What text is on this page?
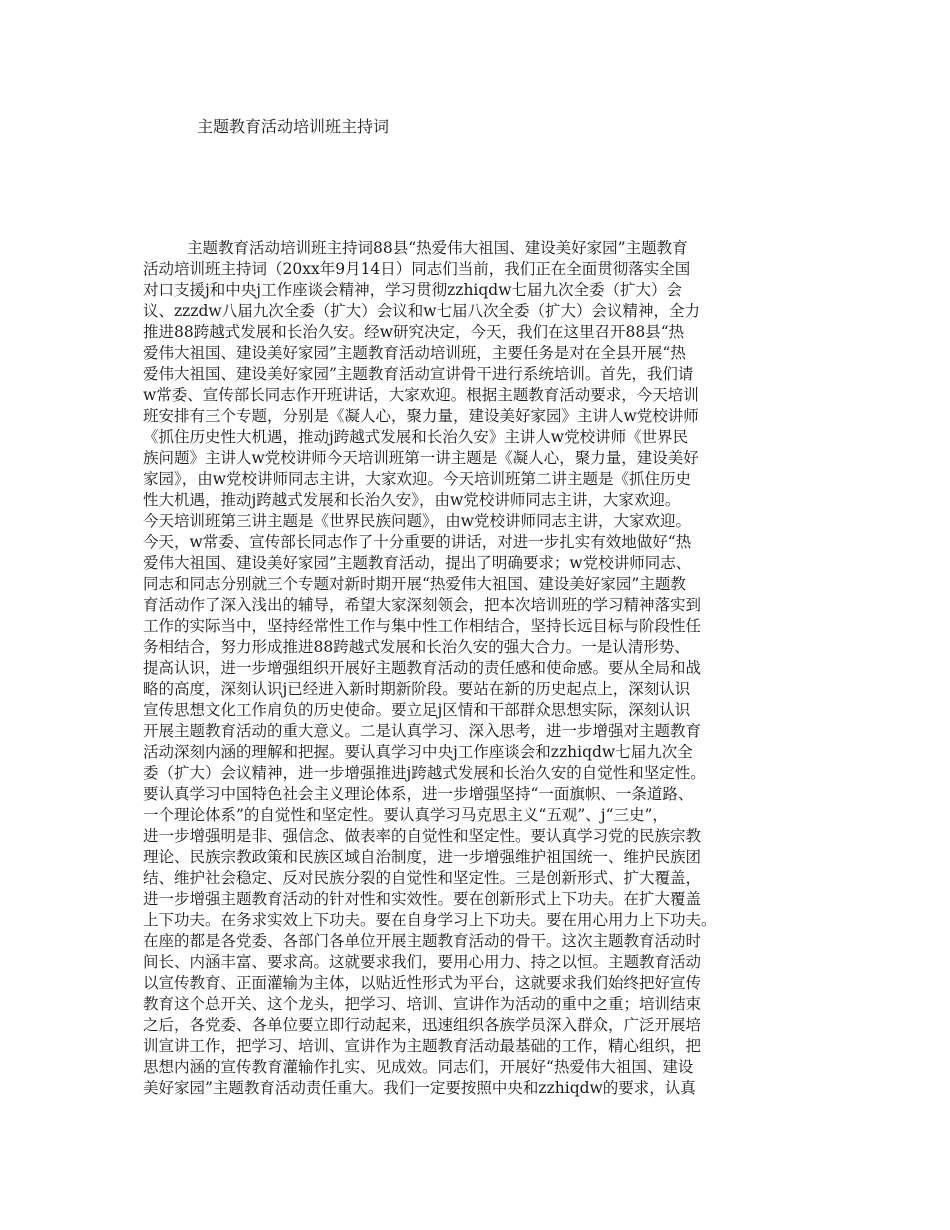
主题教育活动培训班主持词
主题教育活动培训班主持词88县“热爱伟大祖国、建设美好家园”主题教育
活动培训班主持词（20xx年9月14日）同志们当前，我们正在全面贯彻落实全国
对口支援j和中央j工作座谈会精神，学习贯彻zzhiqdw七届九次全委（扩大）会
议、zzzdw八届九次全委（扩大）会议和w七届八次全委（扩大）会议精神，全力
推进88跨越式发展和长治久安。经w研究决定，今天，我们在这里召开88县“热
爱伟大祖国、建设美好家园”主题教育活动培训班，主要任务是对在全县开展“热
爱伟大祖国、建设美好家园”主题教育活动宣讲骨干进行系统培训。首先，我们请
w常委、宣传部长同志作开班讲话，大家欢迎。根据主题教育活动要求，今天培训
班安排有三个专题，分别是《凝人心，聚力量，建设美好家园》主讲人w党校讲师
《抓住历史性大机遇，推动j跨越式发展和长治久安》主讲人w党校讲师《世界民
族问题》主讲人w党校讲师今天培训班第一讲主题是《凝人心，聚力量，建设美好
家园》，由w党校讲师同志主讲，大家欢迎。今天培训班第二讲主题是《抓住历史
性大机遇，推动j跨越式发展和长治久安》，由w党校讲师同志主讲，大家欢迎。
今天培训班第三讲主题是《世界民族问题》，由w党校讲师同志主讲，大家欢迎。
今天，w常委、宣传部长同志作了十分重要的讲话，对进一步扎实有效地做好“热
爱伟大祖国、建设美好家园”主题教育活动，提出了明确要求；w党校讲师同志、
同志和同志分别就三个专题对新时期开展“热爱伟大祖国、建设美好家园”主题教
育活动作了深入浅出的辅导，希望大家深刻领会，把本次培训班的学习精神落实到
工作的实际当中，坚持经常性工作与集中性工作相结合，坚持长远目标与阶段性任
务相结合，努力形成推进88跨越式发展和长治久安的强大合力。一是认清形势、
提高认识，进一步增强组织开展好主题教育活动的责任感和使命感。要从全局和战
略的高度，深刻认识j已经进入新时期新阶段。要站在新的历史起点上，深刻认识
宣传思想文化工作肩负的历史使命。要立足j区情和干部群众思想实际，深刻认识
开展主题教育活动的重大意义。二是认真学习、深入思考，进一步增强对主题教育
活动深刻内涵的理解和把握。要认真学习中央j工作座谈会和zzhiqdw七届九次全
委（扩大）会议精神，进一步增强推进j跨越式发展和长治久安的自觉性和坚定性。
要认真学习中国特色社会主义理论体系，进一步增强坚持“一面旗帜、一条道路、
一个理论体系”的自觉性和坚定性。要认真学习马克思主义“五观”、j“三史”，
进一步增强明是非、强信念、做表率的自觉性和坚定性。要认真学习党的民族宗教
理论、民族宗教政策和民族区域自治制度，进一步增强维护祖国统一、维护民族团
结、维护社会稳定、反对民族分裂的自觉性和坚定性。三是创新形式、扩大覆盖，
进一步增强主题教育活动的针对性和实效性。要在创新形式上下功夫。在扩大覆盖
上下功夫。在务求实效上下功夫。要在自身学习上下功夫。要在用心用力上下功夫。
在座的都是各党委、各部门各单位开展主题教育活动的骨干。这次主题教育活动时
间长、内涵丰富、要求高。这就要求我们，要用心用力、持之以恒。主题教育活动
以宣传教育、正面灌输为主体，以贴近性形式为平台，这就要求我们始终把好宣传
教育这个总开关、这个龙头，把学习、培训、宣讲作为活动的重中之重；培训结束
之后，各党委、各单位要立即行动起来，迅速组织各族学员深入群众，广泛开展培
训宣讲工作，把学习、培训、宣讲作为主题教育活动最基础的工作，精心组织，把
思想内涵的宣传教育灌输作扎实、见成效。同志们，开展好“热爱伟大祖国、建设
美好家园”主题教育活动责任重大。我们一定要按照中央和zzhiqdw的要求，认真
